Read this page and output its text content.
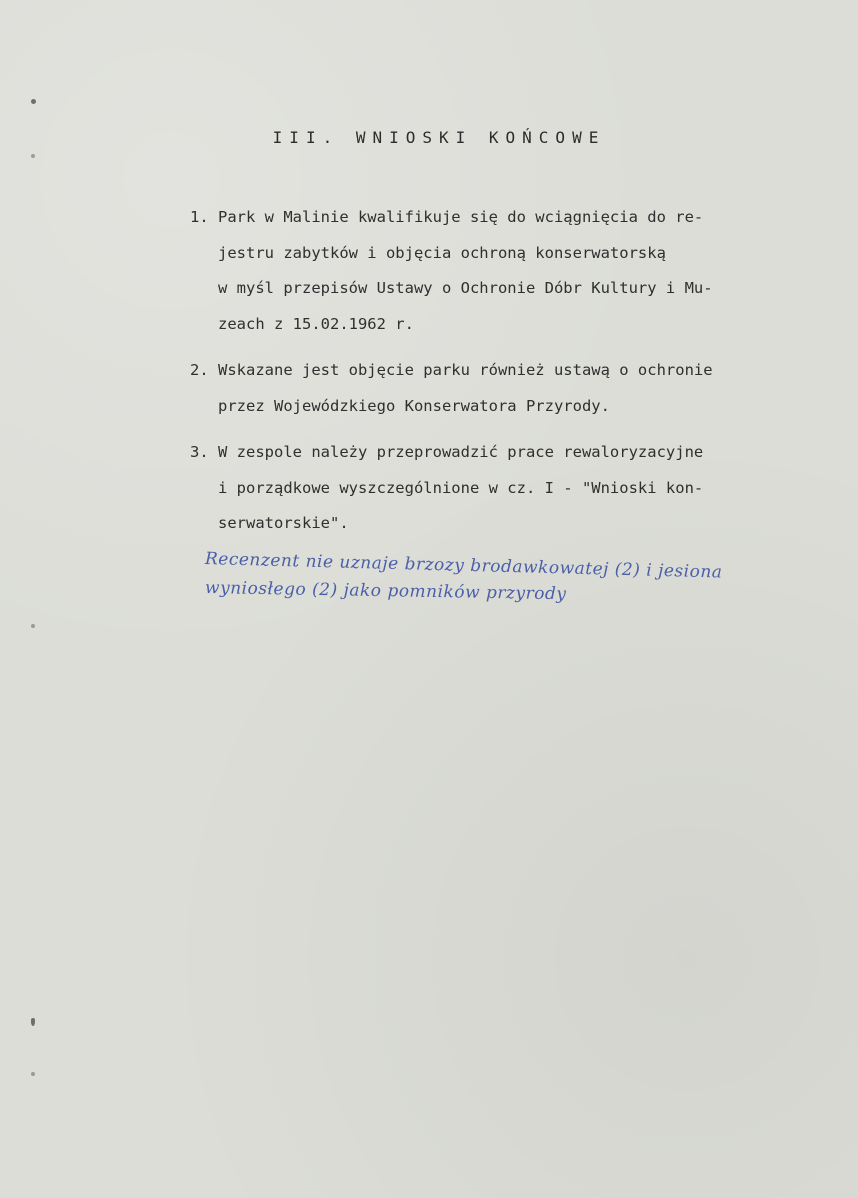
III. WNIOSKI KOŃCOWE
1. Park w Malinie kwalifikuje się do wciągnięcia do re-
jestru zabytków i objęcia ochroną konserwatorską
w myśl przepisów Ustawy o Ochronie Dóbr Kultury i Mu-
zeach z 15.02.1962 r.
2. Wskazane jest objęcie parku również ustawą o ochronie
przez Wojewódzkiego Konserwatora Przyrody.
3. W zespole należy przeprowadzić prace rewaloryzacyjne
i porządkowe wyszczególnione w cz. I - "Wnioski kon-
serwatorskie".
Recenzent nie uznaje brzozy brodawkowatej (2) i jesiona
wyniosłego (2) jako pomników przyrody
